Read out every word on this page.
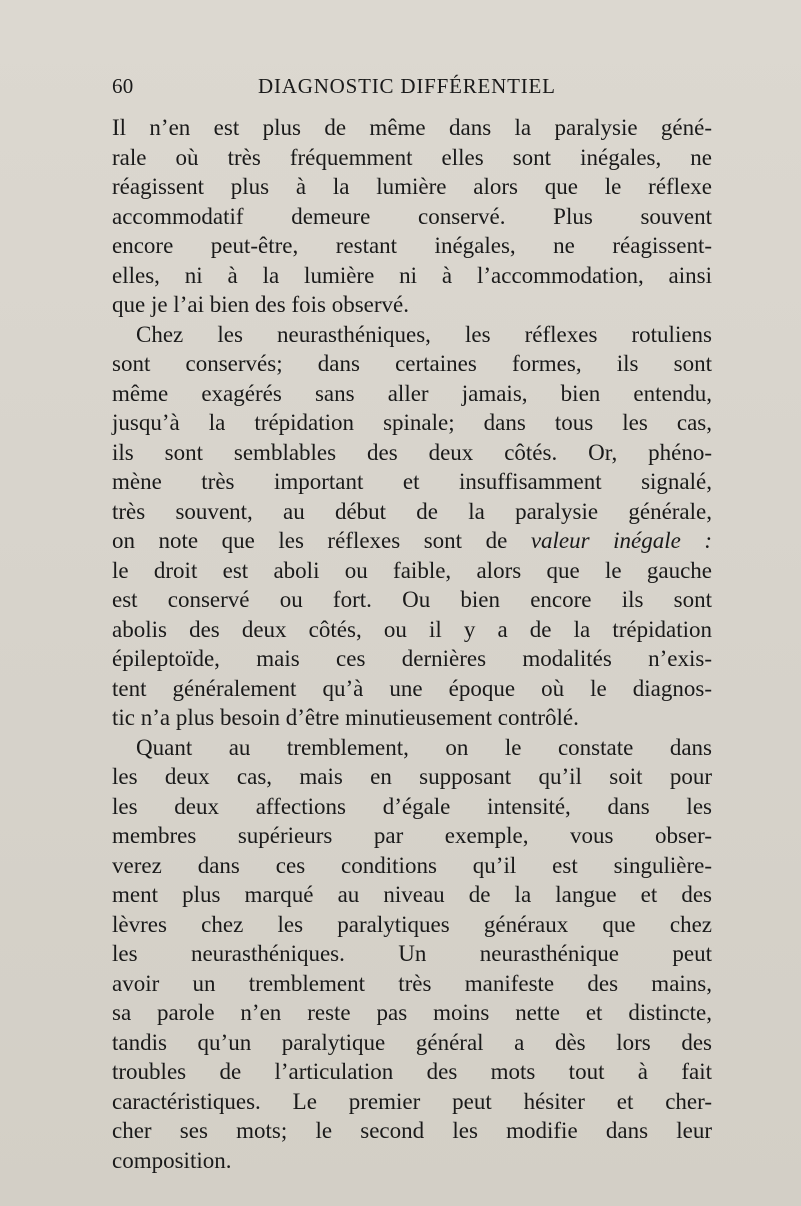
60	DIAGNOSTIC DIFFÉRENTIEL
Il n’en est plus de même dans la paralysie géné-
rale où très fréquemment elles sont inégales, ne
réagissent plus à la lumière alors que le réflexe
accommodatif demeure conservé. Plus souvent
encore peut-être, restant inégales, ne réagissent-
elles, ni à la lumière ni à l’accommodation, ainsi
que je l’ai bien des fois observé.
Chez les neurasthéniques, les réflexes rotuliens
sont conservés; dans certaines formes, ils sont
même exagérés sans aller jamais, bien entendu,
jusqu’à la trépidation spinale; dans tous les cas,
ils sont semblables des deux côtés. Or, phéno-
mène très important et insuffisamment signalé,
très souvent, au début de la paralysie générale,
on note que les réflexes sont de valeur inégale :
le droit est aboli ou faible, alors que le gauche
est conservé ou fort. Ou bien encore ils sont
abolis des deux côtés, ou il y a de la trépidation
épileptoïde, mais ces dernières modalités n’exis-
tent généralement qu’à une époque où le diagnos-
tic n’a plus besoin d’être minutieusement contrôlé.
Quant au tremblement, on le constate dans
les deux cas, mais en supposant qu’il soit pour
les deux affections d’égale intensité, dans les
membres supérieurs par exemple, vous obser-
verez dans ces conditions qu’il est singulière-
ment plus marqué au niveau de la langue et des
lèvres chez les paralytiques généraux que chez
les neurasthéniques. Un neurasthénique peut
avoir un tremblement très manifeste des mains,
sa parole n’en reste pas moins nette et distincte,
tandis qu’un paralytique général a dès lors des
troubles de l’articulation des mots tout à fait
caractéristiques. Le premier peut hésiter et cher-
cher ses mots; le second les modifie dans leur
composition.
